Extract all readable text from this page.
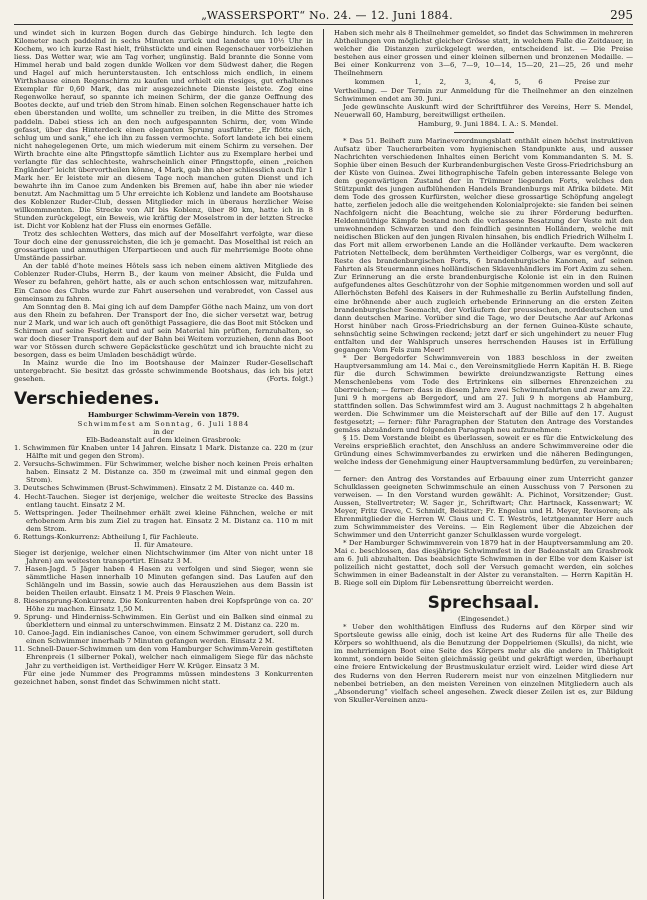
„WASSERSPORT“ No. 24. — 12. Juni 1884.	295

und windet sich in kurzen Bogen durch das Gebirge hindurch. Ich legte den Kilometer nach paddelnd in sechs Minuten zurück und landete um 10½ Uhr in Kochem, wo ich kurze Rast hielt, frühstückte und einen Regenschauer vorbeiziehen liess. Das Wetter war, wie am Tag vorher, ungünstig. Bald brannte die Sonne vom Himmel herab und bald zogen dunkle Wolken vor dem Südwest daher, die Regen und Hagel auf mich herunterstausten. Ich entschloss mich endlich, in einem Wirthshause einen Regenschirm zu kaufen und erhielt ein riesiges, gut erhaltenes Exemplar für 0,60 Mark, das mir ausgezeichnete Dienste leistete. Zog eine Regenwolke herauf, so spannte ich meinen Schirm, der die ganze Oeffnung des Bootes deckte, auf und trieb den Strom hinab. Einen solchen Regenschauer hatte ich eben überstanden und wollte, um schneller zu treiben, in die Mitte des Stromes paddeln. Dabei stiess ich an den noch aufgespannten Schirm, der, vom Winde gefasst, über das Hinterdeck einen eleganten Sprung ausführte: „Er flötte sich, schlug um und sank,“ ehe ich ihn zu fassen vermochte. Sofort landete ich bei einem nicht nahegelegenen Orte, um mich wiederum mit einem Schirm zu versehen. Der Wirth brachte eine alte Pfingsttopfe sämtlich Lichter aus zu Exemplare herbei und verlangte für das schlechteste, wahrscheinlich einer Pfingsttopfe, einen „reichen Engländer“ leicht übervortheilen könne, 4 Mark, gab ihn aber schliesslich auch für 1 Mark her. Er leistete mir an diesem Tage noch manchen guten Dienst und ich bewahrte ihn im Canoe zum Andenken bis Bremen auf, habe ihn aber nie wieder benutzt. Am Nachmittag um 5 Uhr erreichte ich Koblenz und landete am Bootshause des Koblenzer Ruder-Club, dessen Mitglieder mich in überaus herzlicher Weise willkommnenten. Die Strecke von Alf bis Koblenz, über 80 km, hatte ich in 8 Stunden zurückgelegt, ein Beweis, wie kräftig der Moselstrom in der letzten Strecke ist. Dicht vor Koblenz hat der Fluss ein enormes Gefälle.

Trotz des schlechten Wetters, das mich auf der Moselfahrt verfolgte, war diese Tour doch eine der genussreichsten, die ich je gemacht. Das Moselthal ist reich an grossartigen und anmuthigen Uferpartiecen und auch für mehrriemige Boote ohne Umstände passirbar.

An der tablé d'hote meines Hôtels sass ich neben einem aktiven Mitgliede des Coblenzer Ruder-Clubs, Herrn B., der kaum von meiner Absicht, die Fulda und Weser zu befahren, gehört hatte, als er auch schon entschlossen war, mitzufahren. Ein Canoe des Clubs wurde zur Fahrt ausersehen und verabredet, von Cassel aus gemeinsam zu fahren.

Am Sonntag den 8. Mai ging ich auf dem Dampfer Göthe nach Mainz, um von dort aus den Rhein zu befahren. Der Transport der Ino, die sicher versetzt war, betrug nur 2 Mark, und war ich auch oft genöthigt Passagiere, die das Boot mit Stöcken und Schirmen auf seine Festigkeit und auf sein Material hin prüften, fernzuhalten, so war doch dieser Transport dem auf der Bahn bei Weitem vorzuziehen, denn das Boot war vor Stössen durch schwere Gepäckstücke geschützt und ich brauchte nicht zu besorgen, dass es beim Umladen beschädigt würde.

In Mainz wurde die Ino im Bootshause der Mainzer Ruder-Gesellschaft untergebracht. Sie besitzt das grösste schwimmende Bootshaus, das ich bis jetzt gesehen.	(Forts. folgt.)

Verschiedenes.
Hamburger Schwimm-Verein von 1879.
Schwimmfest am Sonntag, 6. Juli 1884
in der
Elb-Badeanstalt auf dem kleinen Grasbrook:
1. Schwimmen für Knaben unter 14 Jahren. Einsatz 1 Mark. Distanze ca. 220 m (zur Hälfte mit und gegen den Strom).
2. Versuchs-Schwimmen. Für Schwimmer, welche bisher noch keinen Preis erhalten haben. Einsatz 2 M. Distanze ca. 350 m (zweimal mit und einmal gegen den Strom).
3. Deutsches Schwimmen (Brust-Schwimmen). Einsatz 2 M. Distanze ca. 440 m.
4. Hecht-Tauchen. Sieger ist derjenige, welcher die weiteste Strecke des Bassins entlang taucht. Einsatz 2 M.
5. Wettspringen. Jeder Theilnehmer erhält zwei kleine Fähnchen, welche er mit erhobenem Arm bis zum Ziel zu tragen hat. Einsatz 2 M. Distanz ca. 110 m mit dem Strom.
6. Rettungs-Konkurrenz: Abtheilung I, für Fachleute.
II. für Amateure.
Sieger ist derjenige, welcher einen Nichtschwimmer (im Alter von nicht unter 18 Jahren) am weitesten transportirt. Einsatz 3 M.
7. Hasen-Jagd. 5 Jäger haben 4 Hasen zu verfolgen und sind Sieger, wenn sie sämmtliche Hasen innerhalb 10 Minuten gefangen sind. Das Laufen auf den Schlängeln und im Bassin, sowie auch das Herausziehen aus dem Bassin ist beiden Theilen erlaubt. Einsatz 1 M. Preis 9 Flaschen Wein.
8. Riesensprung-Konkurrenz. Die Konkurrenten haben drei Kopfsprünge von ca. 20' Höhe zu machen. Einsatz 1,50 M.
9. Sprung- und Hinderniss-Schwimmen. Ein Gerüst und ein Balken sind einmal zu überklettern und einmal zu unterschwimmen. Einsatz 2 M. Distanz ca. 220 m.
10. Canoe-Jagd. Ein indianisches Canoe, von einem Schwimmer gerudert, soll durch einen Schwimmer innerhalb 7 Minuten gefangen werden. Einsatz 2 M.
11. Schnell-Dauer-Schwimmen um den vom Hamburger Schwimm-Verein gestifteten Ehrenpreis (1 silberner Pokal), welcher nach einmaligem Siege für das nächste Jahr zu vertheidigen ist. Vertheidiger Herr W. Krüger. Einsatz 3 M.

Für eine jede Nummer des Programms müssen mindestens 3 Konkurrenten gezeichnet haben, sonst findet das Schwimmen nicht statt.

Haben sich mehr als 8 Theilnehmer gemeldet, so findet das Schwimmen in mehreren Abtheilungen von möglichst gleicher Grösse statt, in welchem Falle die Zeitdauer, in welcher die Distanzen zurückgelegt werden, entscheidend ist. — Die Preise bestehen aus einer grossen und einer kleinen silbernen und bronzenen Medaille. — Bei einer Konkurrenz von 3—6, 7—9, 10—14, 15—20, 21—25, 26 und mehr Theilnehmern

kommen	1,	2,	3,	4,	5,	6	Preise zur

Vertheilung. — Der Termin zur Anmeldung für die Theilnehmer an den einzelnen Schwimmen endet am 30. Juni.

Jede gewünschte Auskunft wird der Schriftführer des Vereins, Herr S. Mendel, Neuerwall 60, Hamburg, bereitwilligst ertheilen.

Hamburg, 9. Juni 1884. I. A.: S. Mendel.

* Das 51. Beiheft zum Marineverordnungsblatt enthält einen höchst instruktiven Aufsatz über Taucherarbeiten vom hygienischen Standpunkte aus, und ausser Nachrichten verschiedenen Inhaltes einen Bericht vom Kommandanten S. M. S. Sophie über einen Besuch der Kurbrandenburgischen Veste Gross-Friedrichsburg an der Küste von Guinea. Zwei lithographische Tafeln geben interessante Belege von dem gegenwärtigen Zustand der in Trümmer liegenden Forts, welches den Stützpunkt des jungen aufblühenden Handels Brandenburgs mit Afrika bildete. Mit dem Tode des grossen Kurfürsten, welcher diese grossartige Schöpfung angelegt hatte, zerfielen jedoch alle die weitgehenden Kolonialprojekte: sie fanden bei seinen Nachfolgern nicht die Beachtung, welche sie zu ihrer Förderung bedurften. Heldenmüthige Kämpfe bestand noch die verlassene Besatzung der Veste mit den umwohnenden Schwarzen und den feindlich gesinnten Holländern, welche mit neidischen Blicken auf den jungen Rivalen hinsahen, bis endlich Friedrich Wilhelm I. das Fort mit allem erworbenen Lande an die Holländer verkaufte. Dem wackeren Patrioten Nettelbeck, dem berühmten Vertheidiger Colbergs, war es vergönnt, die Reste des brandenburgischen Forts, 6 brandenburgische Kanonen, auf seinen Fahrten als Steuermann eines holländischen Sklavenhändlers im Fort Axim zu sehen. Zur Erinnerung an die erste brandenburgische Kolonie ist ein in den Ruinen aufgefundenes altes Geschützrohr von der Sophie mitgenommen worden und soll auf Allerhöchsten Befehl des Kaisers in der Ruhmeshalle zu Berlin Aufstellung finden, eine bröhnende aber auch zugleich erhebende Erinnerung an die ersten Zeiten brandenburgischer Seemacht, der Vorläufern der preussischen, norddeutschen und dann deutschen Marine. Vorüber sind die Tage, wo der Deutsche Aar auf Arkonas Horst hinüber nach Gross-Friedrichsburg an der fernen Guinea-Küste schaute, sehnsüchtig seine Schwingen reckend; jetzt darf er sich ungehindert zu neuer Flug entfalten und der Wahlspruch unseres herrschenden Hauses ist in Erfüllung gegangen: Vom Fels zum Meer!

* Der Bergedorfer Schwimmverein von 1883 beschloss in der zweiten Hauptversammlung am 14. Mai c., den Vereinsmitgliede Herrn Kapitän H. B. Riege für die durch Schwimmen bewirkte dreiundzwanzigste Rettung eines Menschenlebens vom Tode des Ertrinkens ein silbernes Ehrenzeichen zu überreichen; — ferner: dass in diesem Jahre zwei Schwimmfahrten und zwar am 22. Juni 9 h morgens ab Bergedorf, und am 27. Juli 9 h morgens ab Hamburg, stattfinden sollen. Das Schwimmfest wird am 3. August nachmittags 2 h abgehalten werden. Die Schwimmer um die Meisterschaft auf der Bille auf den 17. August festgesetzt; — ferner: führ Paragraphen der Statuten den Antrage des Vorstandes gemäss abzuändern und folgenden Paragraph neu aufzunehmen:

§ 15. Dem Vorstande bleibt es überlassen, soweit er es für die Entwickelung des Vereins ersprießlich erachtet, den Anschluss an andere Schwimmvereine oder die Gründung eines Schwimmverbandes zu erwirken und die näheren Bedingungen, welche indess der Genehmigung einer Hauptversammlung bedürfen, zu vereinbaren; —

ferner: den Antrag des Vorstandes auf Erbauung einer zum Unterricht ganzer Schulklassen geeigneten Schwimmschule an einen Ausschuss von 7 Personen zu verweisen. — In den Vorstand wurden gewählt: A. Pichinot, Vorsitzender; Gust. Aussen, Stellvertreter; W. Sager jr., Schriftwart; Chr. Hartnack, Kassenwart; W. Meyer, Fritz Greve, C. Schmidt, Beisitzer; Fr. Engelau und H. Meyer, Revisoren; als Ehrenmitglieder die Herren W. Claus und C. T. Weströs, letztgenannter Herr auch zum Schwimmmeister des Vereins. — Ein Reglement über die Abzeichen der Schwimmer und den Unterricht ganzer Schulklassen wurde vorgelegt.

* Der Hamburger Schwimmverein von 1879 hat in der Hauptversammlung am 20. Mai c. beschlossen, das diesjährige Schwimmfest in der Badeanstalt am Grasbrook am 6. Juli abzuhalten. Das beabsichtigte Schwimmen in der Elbe vor dem Kaiser ist polizeilich nicht gestattet, doch soll der Versuch gemacht werden, ein solches Schwimmen in einer Badeanstalt in der Alster zu veranstalten. — Herrn Kapitän H. B. Riege soll ein Diplom für Lebensrettung überreicht werden.

Sprechsaal.
(Eingesendet.)

* Ueber den wohlthätigen Einfluss des Ruderns auf den Körper sind wir Sportsleute gewiss alle einig, doch ist keine Art des Ruderns für alle Theile des Körpers so wohlthuend, als die Benutzung der Doppelriemen (Skulls), da nicht, wie im mehrriemigen Boot eine Seite des Körpers mehr als die andere in Thätigkeit kommt, sondern beide Seiten gleichmässig geübt und gekräftigt werden, überhaupt eine freiere Entwickelung der Brustmuskulatur erzielt wird. Leider wird diese Art des Ruderns von den Herren Ruderern meist nur von einzelnen Mitgliedern nur nebenbei betrieben, an den meisten Vereinen von einzelnen Mitgliedern auch als „Absonderung“ vielfach scheel angesehen. Zweck dieser Zeilen ist es, zur Bildung von Skuller-Vereinen anzu-
